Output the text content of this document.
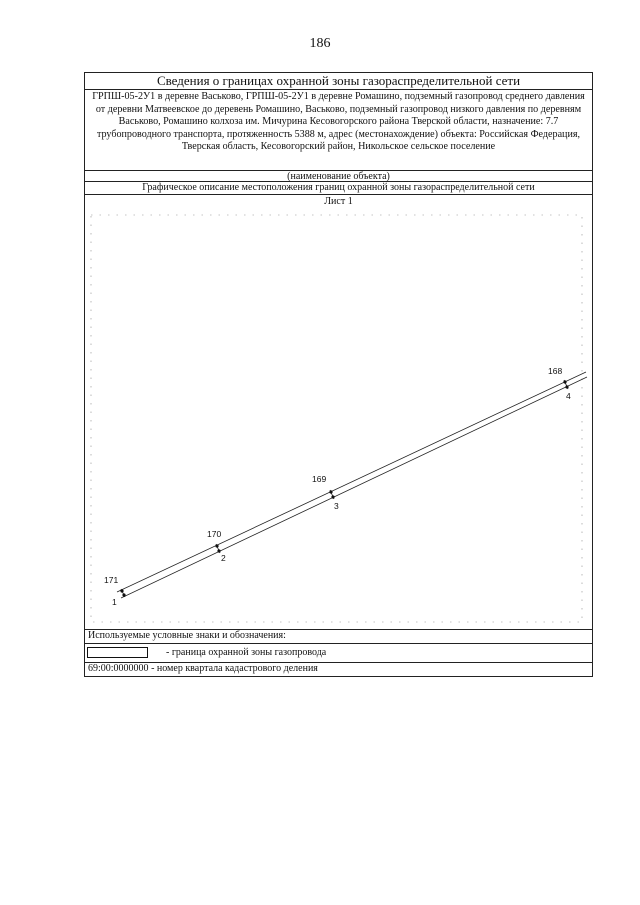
186
Сведения о границах охранной зоны газораспределительной сети
ГРПШ-05-2У1 в деревне Васьково, ГРПШ-05-2У1 в деревне Ромашино, подземный газопровод среднего давления от деревни Матвеевское до деревень Ромашино, Васьково, подземный газопровод низкого давления по деревням Васьково, Ромашино колхоза им. Мичурина Кесовогорского района Тверской области, назначение: 7.7 трубопроводного транспорта, протяженность 5388 м, адрес (местонахождение) объекта: Российская Федерация, Тверская область, Кесовогорский район, Никольское сельское поселение
(наименование объекта)
Графическое описание местоположения границ охранной зоны газораспределительной сети
Лист 1
171
1
170
2
169
3
168
4
Используемые условные знаки и обозначения:
- граница охранной зоны газопровода
69:00:0000000 - номер квартала кадастрового деления
